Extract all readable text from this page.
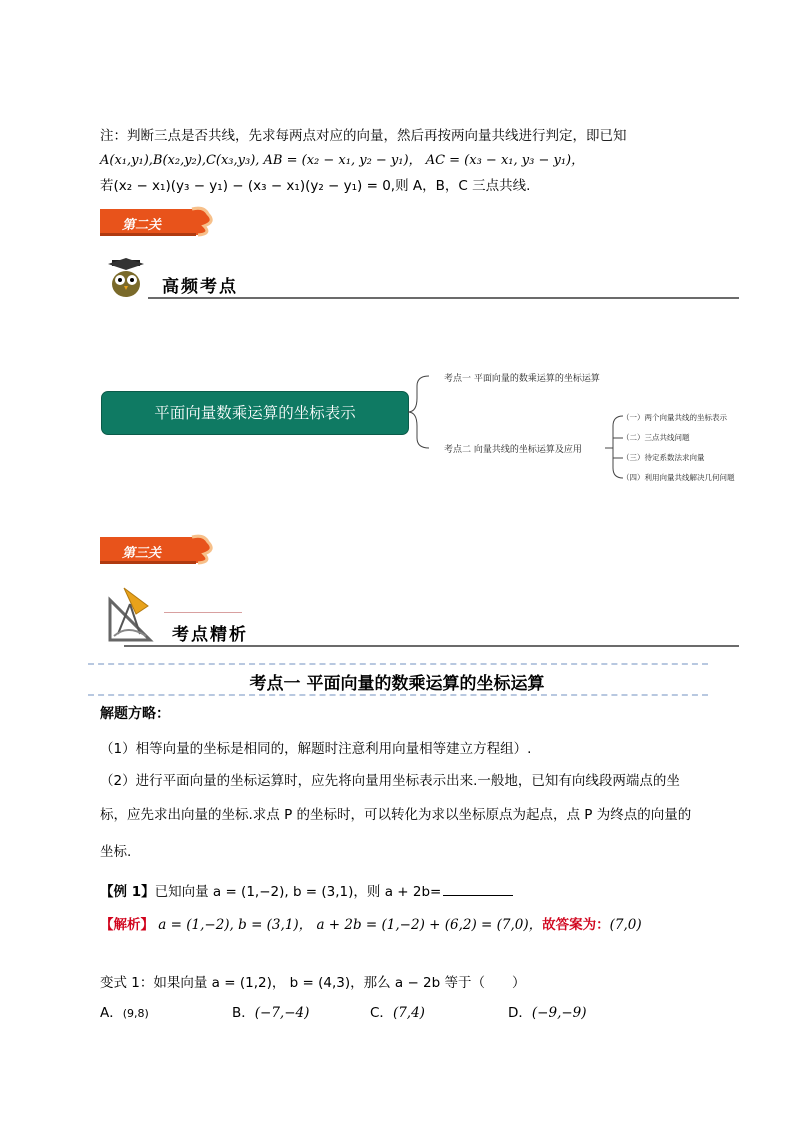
注：判断三点是否共线，先求每两点对应的向量，然后再按两向量共线进行判定，即已知
A(x₁,y₁),B(x₂,y₂),C(x₃,y₃), AB = (x₂ − x₁, y₂ − y₁)， AC = (x₃ − x₁, y₃ − y₁)，
若(x₂ − x₁)(y₃ − y₁) − (x₃ − x₁)(y₂ − y₁) = 0,则 A，B，C 三点共线.
第二关
高频考点
平面向量数乘运算的坐标表示
考点一 平面向量的数乘运算的坐标运算
考点二 向量共线的坐标运算及应用
（一）两个向量共线的坐标表示
（二）三点共线问题
（三）待定系数法求向量
（四）利用向量共线解决几何问题
第三关
考点精析
考点一 平面向量的数乘运算的坐标运算
解题方略：
（1）相等向量的坐标是相同的，解题时注意利用向量相等建立方程组）.
（2）进行平面向量的坐标运算时，应先将向量用坐标表示出来.一般地，已知有向线段两端点的坐
标，应先求出向量的坐标.求点 P 的坐标时，可以转化为求以坐标原点为起点，点 P 为终点的向量的
坐标.
【例 1】已知向量 a = (1,−2), b = (3,1)，则 a + 2b=
【解析】 a = (1,−2), b = (3,1)， a + 2b = (1,−2) + (6,2) = (7,0)，故答案为：(7,0)
变式 1：如果向量 a = (1,2)， b = (4,3)，那么 a − 2b 等于（　　）
A．(9,8)	B．(−7,−4)	C．(7,4)	D．(−9,−9)
